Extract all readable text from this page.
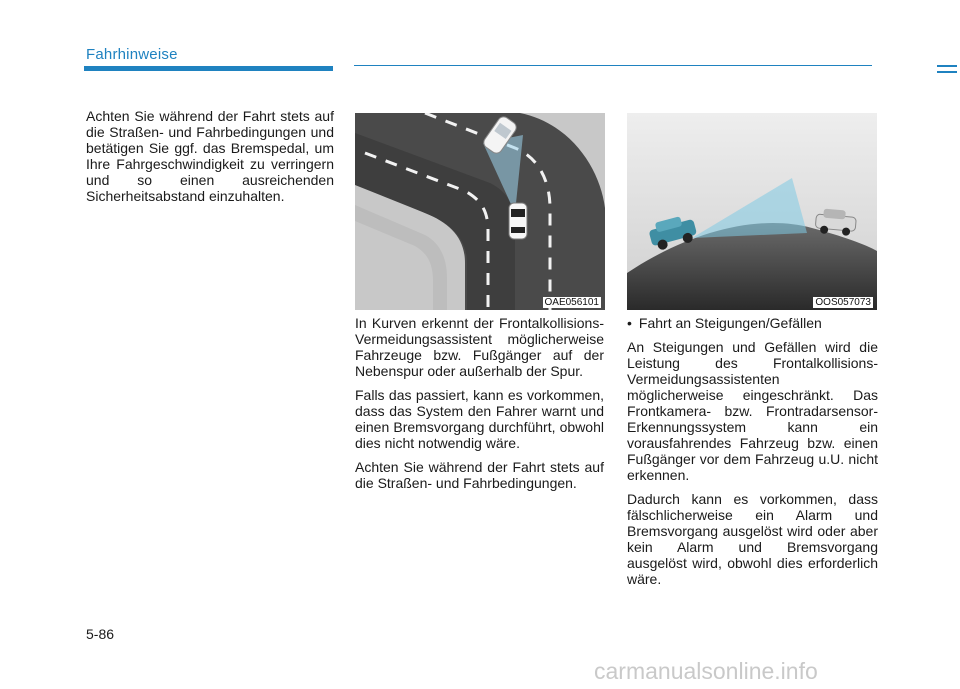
Fahrhinweise

Achten Sie während der Fahrt stets auf die Straßen- und Fahrbedingungen und betätigen Sie ggf. das Bremspedal, um Ihre Fahrgeschwindigkeit zu verringern und so einen ausreichenden Sicherheitsabstand einzuhalten.

OAE056101

In Kurven erkennt der Frontalkollisions-Vermeidungsassistent möglicherweise Fahrzeuge bzw. Fußgänger auf der Nebenspur oder außerhalb der Spur.

Falls das passiert, kann es vorkommen, dass das System den Fahrer warnt und einen Bremsvorgang durchführt, obwohl dies nicht notwendig wäre.

Achten Sie während der Fahrt stets auf die Straßen- und Fahrbedingungen.

OOS057073

• Fahrt an Steigungen/Gefällen

An Steigungen und Gefällen wird die Leistung des Frontalkollisions-Vermeidungsassistenten möglicherweise eingeschränkt. Das Frontkamera- bzw. Frontradarsensor-Erkennungssystem kann ein vorausfahrendes Fahrzeug bzw. einen Fußgänger vor dem Fahrzeug u.U. nicht erkennen.

Dadurch kann es vorkommen, dass fälschlicherweise ein Alarm und Bremsvorgang ausgelöst wird oder aber kein Alarm und Bremsvorgang ausgelöst wird, obwohl dies erforderlich wäre.

5-86
carmanualsonline.info
